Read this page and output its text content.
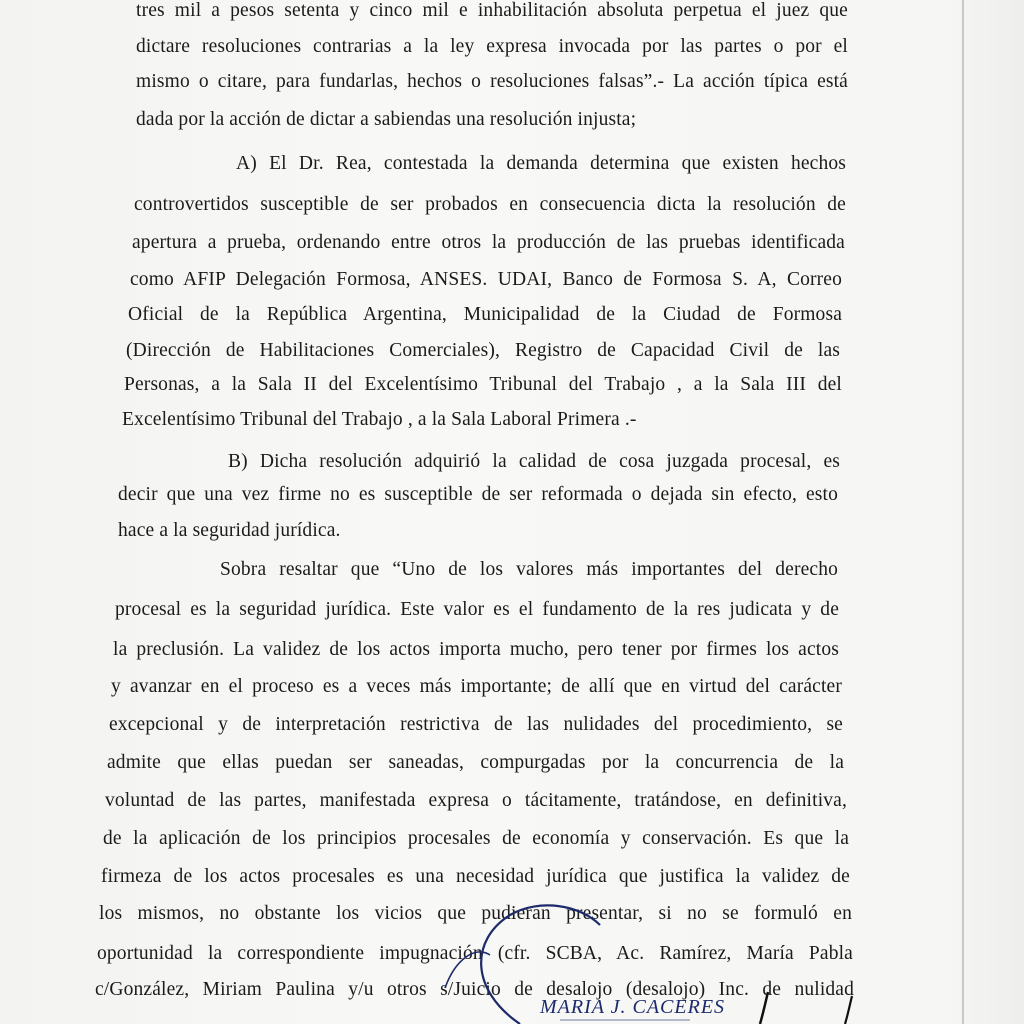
tres mil a pesos setenta y cinco mil e inhabilitación absoluta perpetua el juez que
dictare resoluciones contrarias a la ley expresa invocada por las partes o por el
mismo o citare, para fundarlas, hechos o resoluciones falsas”.- La acción típica está
dada por la acción de dictar a sabiendas una resolución injusta;
A) El Dr. Rea, contestada la demanda determina que existen hechos
controvertidos susceptible de ser probados en consecuencia dicta la resolución de
apertura a prueba, ordenando entre otros la producción de las pruebas identificada
como AFIP Delegación Formosa, ANSES. UDAI, Banco de Formosa S. A, Correo
Oficial de la República Argentina, Municipalidad de la Ciudad de Formosa
(Dirección de Habilitaciones Comerciales), Registro de Capacidad Civil de las
Personas, a la Sala II del Excelentísimo Tribunal del Trabajo , a la Sala III del
Excelentísimo Tribunal del Trabajo , a la Sala Laboral Primera .-
B) Dicha resolución adquirió la calidad de cosa juzgada procesal, es
decir que una vez firme no es susceptible de ser reformada o dejada sin efecto, esto
hace a la seguridad jurídica.
Sobra resaltar que “Uno de los valores más importantes del derecho
procesal es la seguridad jurídica. Este valor es el fundamento de la res judicata y de
la preclusión. La validez de los actos importa mucho, pero tener por firmes los actos
y avanzar en el proceso es a veces más importante; de allí que en virtud del carácter
excepcional y de interpretación restrictiva de las nulidades del procedimiento, se
admite que ellas puedan ser saneadas, compurgadas por la concurrencia de la
voluntad de las partes, manifestada expresa o tácitamente, tratándose, en definitiva,
de la aplicación de los principios procesales de economía y conservación. Es que la
firmeza de los actos procesales es una necesidad jurídica que justifica la validez de
los mismos, no obstante los vicios que pudieran presentar, si no se formuló en
oportunidad la correspondiente impugnación (cfr. SCBA, Ac. Ramírez, María Pabla
c/González, Miriam Paulina y/u otros s/Juicio de desalojo (desalojo) Inc. de nulidad
MARIA J. CACERES
